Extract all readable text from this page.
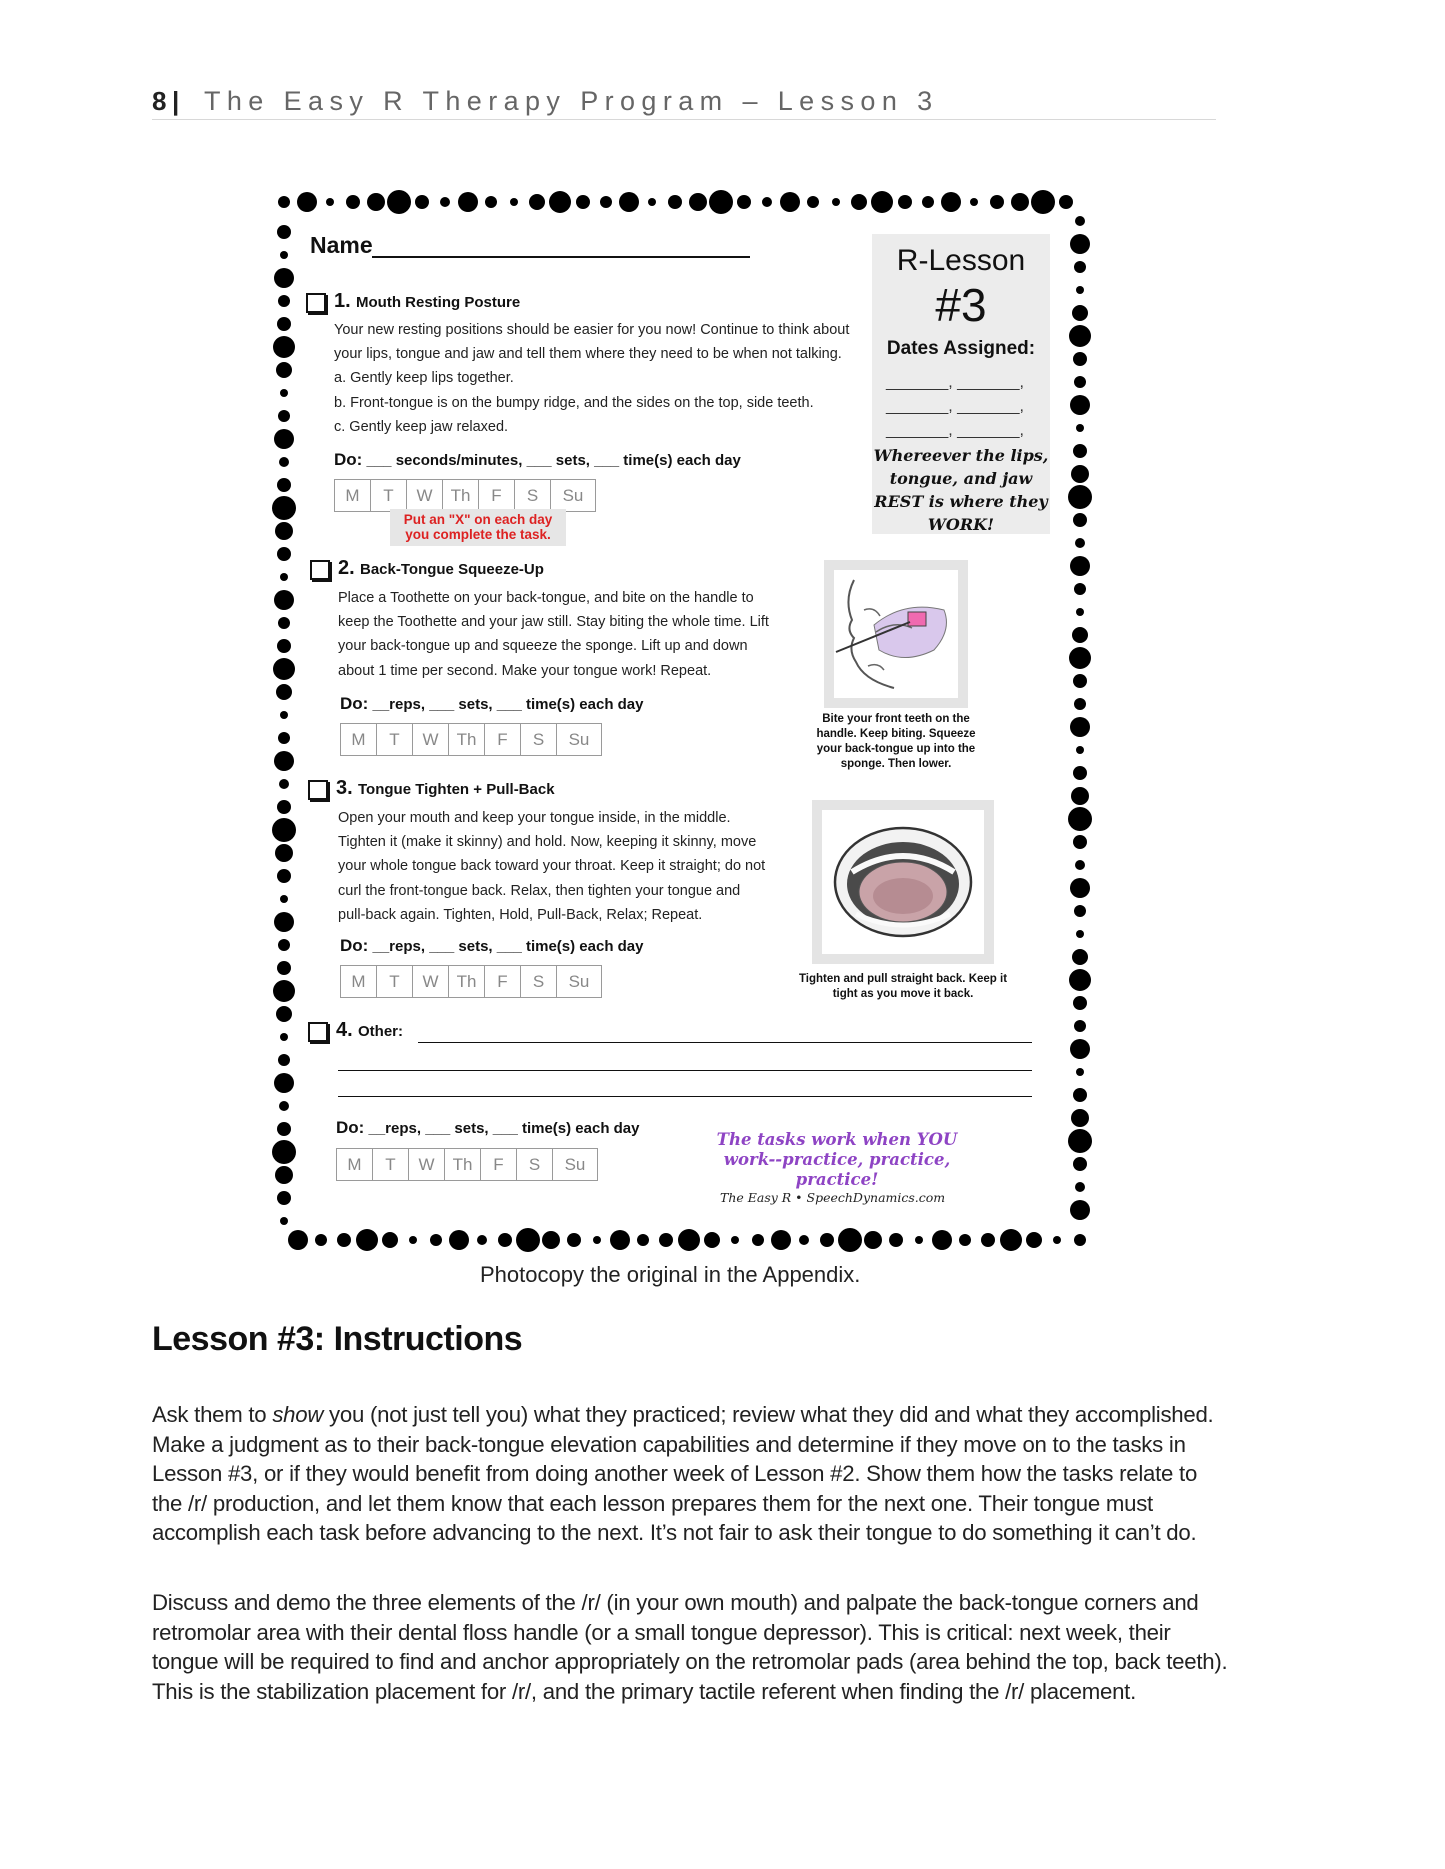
8 | The Easy R Therapy Program – Lesson 3
Name	R-Lesson
#3
Dates Assigned:
_______, _______,
_______, _______,
_______, _______,
Whereever the lips, tongue, and jaw REST is where they WORK!
1. Mouth Resting Posture
Your new resting positions should be easier for you now! Continue to think about
your lips, tongue and jaw and tell them where they need to be when not talking.
a. Gently keep lips together.
b. Front-tongue is on the bumpy ridge, and the sides on the top, side teeth.
c. Gently keep jaw relaxed.
Do: ___ seconds/minutes, ___ sets, ___ time(s) each day
M	T	W	Th	F	S	Su
Put an "X" on each day you complete the task.
2. Back-Tongue Squeeze-Up
Place a Toothette on your back-tongue, and bite on the handle to
keep the Toothette and your jaw still. Stay biting the whole time. Lift
your back-tongue up and squeeze the sponge. Lift up and down
about 1 time per second. Make your tongue work! Repeat.
Do: __reps, ___ sets, ___ time(s) each day
M	T	W	Th	F	S	Su
Bite your front teeth on the handle. Keep biting. Squeeze your back-tongue up into the sponge. Then lower.
3. Tongue Tighten + Pull-Back
Open your mouth and keep your tongue inside, in the middle.
Tighten it (make it skinny) and hold. Now, keeping it skinny, move
your whole tongue back toward your throat. Keep it straight; do not
curl the front-tongue back. Relax, then tighten your tongue and
pull-back again. Tighten, Hold, Pull-Back, Relax; Repeat.
Do: __reps, ___ sets, ___ time(s) each day
M	T	W	Th	F	S	Su	Tighten and pull straight back. Keep it tight as you move it back.
4. Other:
Do: __reps, ___ sets, ___ time(s) each day
M	T	W	Th	F	S	Su
The tasks work when YOU work--practice, practice, practice!
The Easy R • SpeechDynamics.com
Photocopy the original in the Appendix.
Lesson #3: Instructions

Ask them to show you (not just tell you) what they practiced; review what they did and what they accomplished. Make a judgment as to their back-tongue elevation capabilities and determine if they move on to the tasks in Lesson #3, or if they would benefit from doing another week of Lesson #2. Show them how the tasks relate to the /r/ production, and let them know that each lesson prepares them for the next one. Their tongue must accomplish each task before advancing to the next. It’s not fair to ask their tongue to do something it can’t do.

Discuss and demo the three elements of the /r/ (in your own mouth) and palpate the back-tongue corners and retromolar area with their dental floss handle (or a small tongue depressor). This is critical: next week, their tongue will be required to find and anchor appropriately on the retromolar pads (area behind the top, back teeth). This is the stabilization placement for /r/, and the primary tactile referent when finding the /r/ placement.
